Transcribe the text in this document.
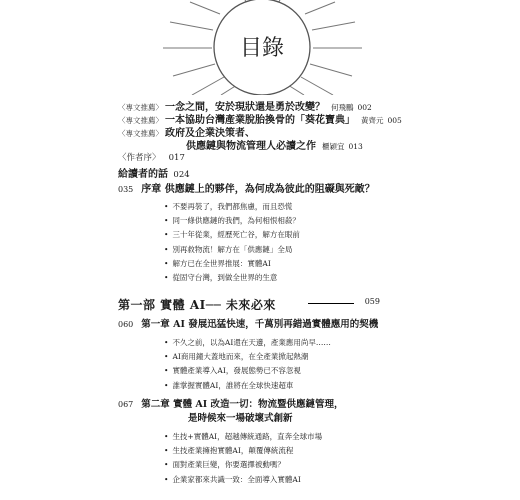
目錄
〈專文推薦〉 一念之間，安於現狀還是勇於改變？ 何飛鵬 002
〈專文推薦〉 一本協助台灣產業脫胎換骨的「葵花寶典」 黃齊元 005
〈專文推薦〉 政府及企業決策者、
供應鏈與物流管理人必讀之作 櫃穎宜 013
〈作者序〉 017
給讀者的話 024
035 序章 供應鏈上的夥伴，為何成為彼此的阻礙與死敵？
• 不要再裝了，我們都焦慮，而且恐慌
• 同一條供應鏈的我們，為何相恨相殺？
• 三十年從業，經歷死亡谷，解方在眼前
• 別再救物流！解方在「供應鏈」全局
• 解方已在全世界推展：實體AI
• 從固守台灣，到做全世界的生意
第一部 實體 AI── 未來必來	059
060 第一章 AI 發展迅猛快速，千萬別再錯過實體應用的契機
• 不久之前，以為AI還在天邊，產業應用尚早……
• AI商用鐘大蓋地而來，在全產業掀起熱潮
• 實體產業導入AI，發展態勢已不容忽視
• 誰掌握實體AI，誰將在全球快速超車
067 第二章 實體 AI 改造一切：物流暨供應鏈管理，
是時候來一場破壞式創新
• 生技+實體AI，超越傳統通路，直奔全球市場
• 生技產業擁抱實體AI，顛覆傳統流程
• 面對產業巨變，你要選擇被動嗎？
• 企業家都來共識一致：全面導入實體AI
